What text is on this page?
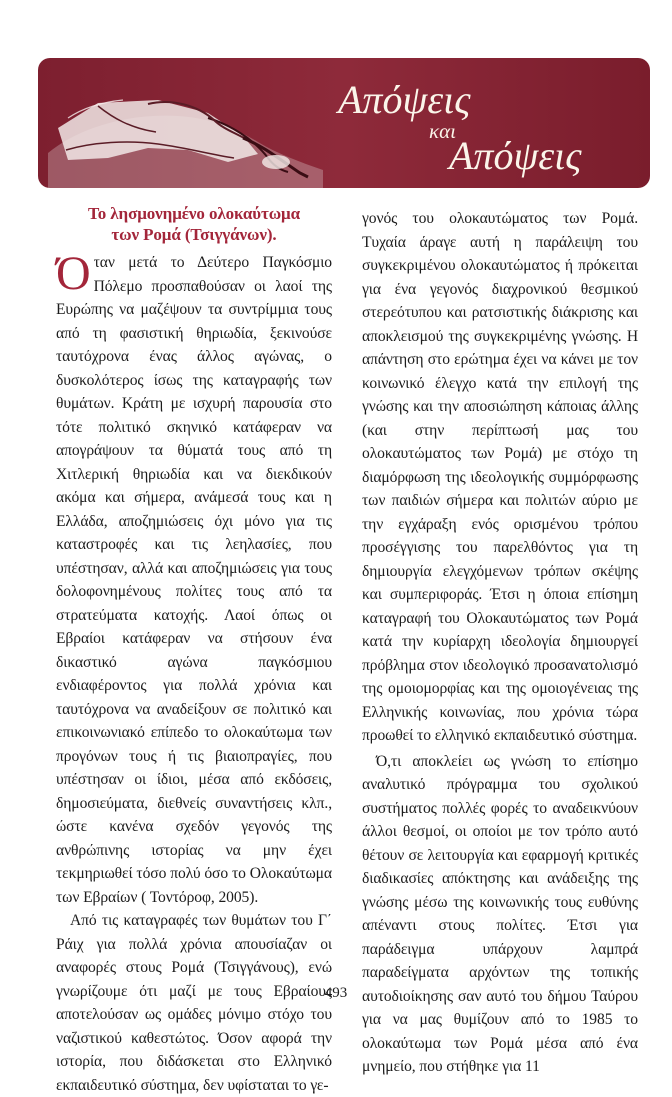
Απόψεις
και
Απόψεις
Το λησμονημένο ολοκαύτωμα
των Ρομά (Τσιγγάνων).

Όταν μετά το Δεύτερο Παγκόσμιο Πόλεμο προσπαθούσαν οι λαοί της Ευρώπης να μαζέψουν τα συντρίμμια τους από τη φασιστική θηριωδία, ξεκινούσε ταυτόχρονα ένας άλλος αγώνας, ο δυσκολότερος ίσως της καταγραφής των θυμάτων. Κράτη με ισχυρή παρουσία στο τότε πολιτικό σκηνικό κατάφεραν να απογράψουν τα θύματά τους από τη Χιτλερική θηριωδία και να διεκδικούν ακόμα και σήμερα, ανάμεσά τους και η Ελλάδα, αποζημιώσεις όχι μόνο για τις καταστροφές και τις λεηλασίες, που υπέστησαν, αλλά και αποζημιώσεις για τους δολοφονημένους πολίτες τους από τα στρατεύματα κατοχής. Λαοί όπως οι Εβραίοι κατάφεραν να στήσουν ένα δικαστικό αγώνα παγκόσμιου ενδιαφέροντος για πολλά χρόνια και ταυτόχρονα να αναδείξουν σε πολιτικό και επικοινωνιακό επίπεδο το ολοκαύτωμα των προγόνων τους ή τις βιαιοπραγίες, που υπέστησαν οι ίδιοι, μέσα από εκδόσεις, δημοσιεύματα, διεθνείς συναντήσεις κλπ., ώστε κανένα σχεδόν γεγονός της ανθρώπινης ιστορίας να μην έχει τεκμηριωθεί τόσο πολύ όσο το Ολοκαύτωμα των Εβραίων ( Τοντόροφ, 2005).

Από τις καταγραφές των θυμάτων του Γ΄ Ράιχ για πολλά χρόνια απουσίαζαν οι αναφορές στους Ρομά (Τσιγγάνους), ενώ γνωρίζουμε ότι μαζί με τους Εβραίους αποτελούσαν ως ομάδες μόνιμο στόχο του ναζιστικού καθεστώτος. Όσον αφορά την ιστορία, που διδάσκεται στο Ελληνικό εκπαιδευτικό σύστημα, δεν υφίσταται το γε-

γονός του ολοκαυτώματος των Ρομά. Τυχαία άραγε αυτή η παράλειψη του συγκεκριμένου ολοκαυτώματος ή πρόκειται για ένα γεγονός διαχρονικού θεσμικού στερεότυπου και ρατσιστικής διάκρισης και αποκλεισμού της συγκεκριμένης γνώσης. Η απάντηση στο ερώτημα έχει να κάνει με τον κοινωνικό έλεγχο κατά την επιλογή της γνώσης και την αποσιώπηση κάποιας άλλης (και στην περίπτωσή μας του ολοκαυτώματος των Ρομά) με στόχο τη διαμόρφωση της ιδεολογικής συμμόρφωσης των παιδιών σήμερα και πολιτών αύριο με την εγχάραξη ενός ορισμένου τρόπου προσέγγισης του παρελθόντος για τη δημιουργία ελεγχόμενων τρόπων σκέψης και συμπεριφοράς. Έτσι η όποια επίσημη καταγραφή του Ολοκαυτώματος των Ρομά κατά την κυρίαρχη ιδεολογία δημιουργεί πρόβλημα στον ιδεολογικό προσανατολισμό της ομοιομορφίας και της ομοιογένειας της Ελληνικής κοινωνίας, που χρόνια τώρα προωθεί το ελληνικό εκπαιδευτικό σύστημα.

Ό,τι αποκλείει ως γνώση το επίσημο αναλυτικό πρόγραμμα του σχολικού συστήματος πολλές φορές το αναδεικνύουν άλλοι θεσμοί, οι οποίοι με τον τρόπο αυτό θέτουν σε λειτουργία και εφαρμογή κριτικές διαδικασίες απόκτησης και ανάδειξης της γνώσης μέσω της κοινωνικής τους ευθύνης απέναντι στους πολίτες. Έτσι για παράδειγμα υπάρχουν λαμπρά παραδείγματα αρχόντων της τοπικής αυτοδιοίκησης σαν αυτό του δήμου Ταύρου για να μας θυμίζουν από το 1985 το ολοκαύτωμα των Ρομά μέσα από ένα μνημείο, που στήθηκε για 11

493
